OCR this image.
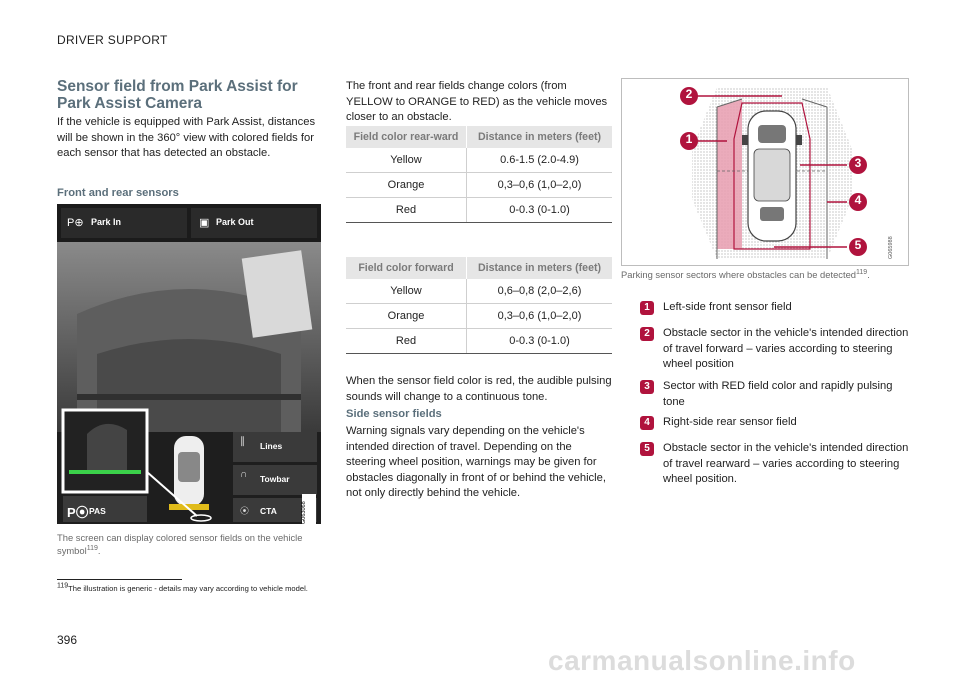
DRIVER SUPPORT
Sensor field from Park Assist for Park Assist Camera
If the vehicle is equipped with Park Assist, distances will be shown in the 360° view with colored fields for each sensor that has detected an obstacle.
Front and rear sensors
P⊕ Park In	▣ Park Out
∥ Lines
∩ Towbar
⦿ CTA
P⦿ PAS	G063068
The screen can display colored sensor fields on the vehicle symbol$^{119}$.
The front and rear fields change colors (from YELLOW to ORANGE to RED) as the vehicle moves closer to an obstacle.
Field color rear-ward	Distance in meters (feet)
Yellow	0.6-1.5 (2.0-4.9)
Orange	0,3–0,6 (1,0–2,0)
Red	0-0.3 (0-1.0)
Field color forward	Distance in meters (feet)
Yellow	0,6–0,8 (2,0–2,6)
Orange	0,3–0,6 (1,0–2,0)
Red	0-0.3 (0-1.0)
When the sensor field color is red, the audible pulsing sounds will change to a continuous tone.
Side sensor fields
Warning signals vary depending on the vehicle's intended direction of travel. Depending on the steering wheel position, warnings may be given for obstacles diagonally in front of or behind the vehicle, not only directly behind the vehicle.
2
1
3
4
5	G065988
Parking sensor sectors where obstacles can be detected$^{119}$.
1	Left-side front sensor field
2	Obstacle sector in the vehicle's intended direction of travel forward – varies according to steering wheel position
3	Sector with RED field color and rapidly pulsing tone
4	Right-side rear sensor field
5	Obstacle sector in the vehicle's intended direction of travel rearward – varies according to steering wheel position.
$^{119}$The illustration is generic - details may vary according to vehicle model.
396
carmanualsonline.info
